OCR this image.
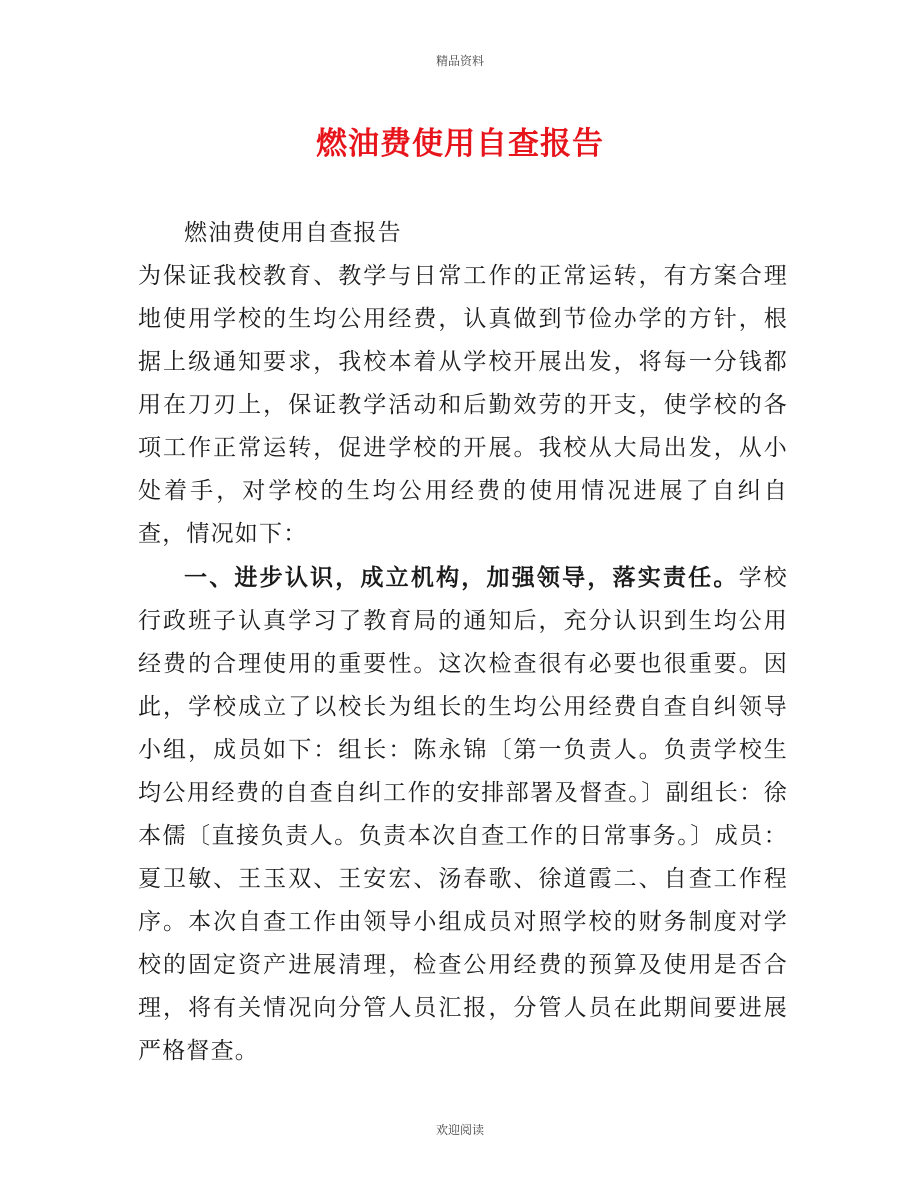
精品资料
燃油费使用自查报告

燃油费使用自查报告

为保证我校教育、教学与日常工作的正常运转，有方案合理地使用学校的生均公用经费，认真做到节俭办学的方针，根据上级通知要求，我校本着从学校开展出发，将每一分钱都用在刀刃上，保证教学活动和后勤效劳的开支，使学校的各项工作正常运转，促进学校的开展。我校从大局出发，从小处着手，对学校的生均公用经费的使用情况进展了自纠自查，情况如下：

一、进步认识，成立机构，加强领导，落实责任。学校行政班子认真学习了教育局的通知后，充分认识到生均公用经费的合理使用的重要性。这次检查很有必要也很重要。因此，学校成立了以校长为组长的生均公用经费自查自纠领导小组，成员如下：组长：陈永锦〔第一负责人。负责学校生均公用经费的自查自纠工作的安排部署及督查。〕副组长：徐本儒〔直接负责人。负责本次自查工作的日常事务。〕成员：夏卫敏、王玉双、王安宏、汤春歌、徐道霞二、自查工作程序。本次自查工作由领导小组成员对照学校的财务制度对学校的固定资产进展清理，检查公用经费的预算及使用是否合理，将有关情况向分管人员汇报，分管人员在此期间要进展严格督查。

欢迎阅读
